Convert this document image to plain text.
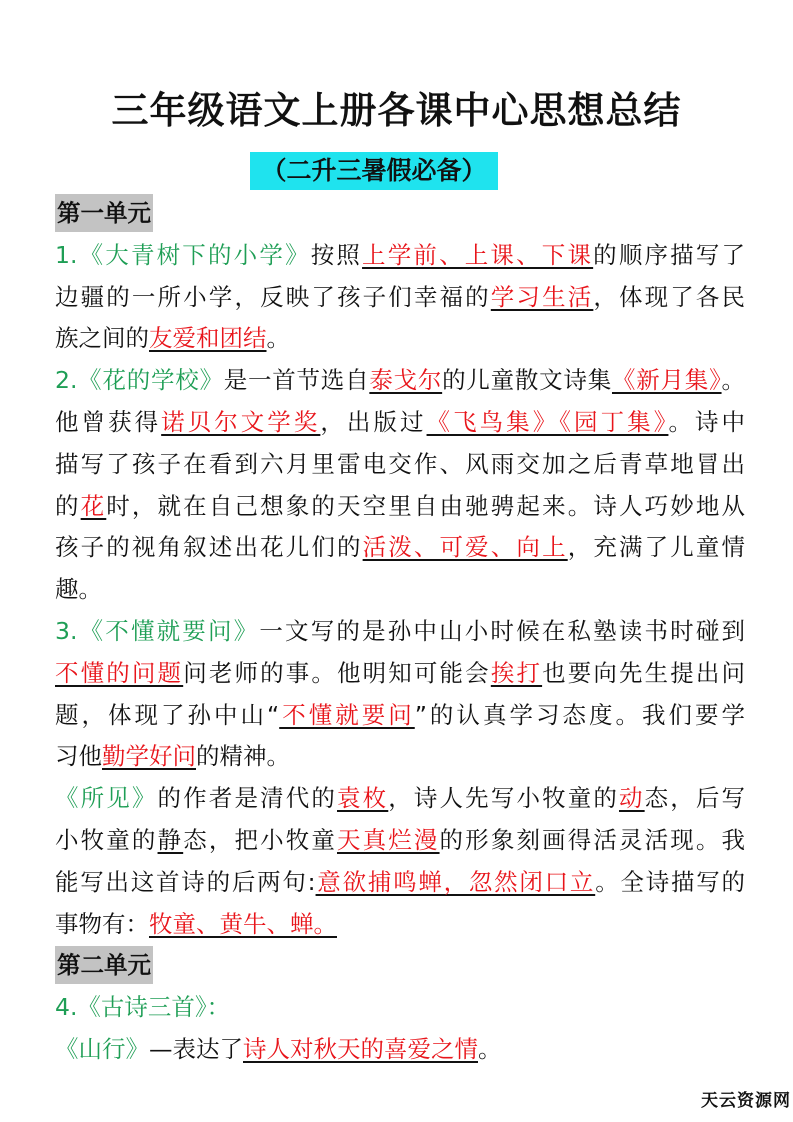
三年级语文上册各课中心思想总结
（二升三暑假必备）
第一单元
1.《大青树下的小学》按照上学前、上课、下课的顺序描写了
边疆的一所小学，反映了孩子们幸福的学习生活，体现了各民
族之间的友爱和团结。
2.《花的学校》是一首节选自泰戈尔的儿童散文诗集《新月集》。
他曾获得诺贝尔文学奖，出版过《飞鸟集》《园丁集》。诗中
描写了孩子在看到六月里雷电交作、风雨交加之后青草地冒出
的花时，就在自己想象的天空里自由驰骋起来。诗人巧妙地从
孩子的视角叙述出花儿们的活泼、可爱、向上，充满了儿童情
趣。
3.《不懂就要问》一文写的是孙中山小时候在私塾读书时碰到
不懂的问题问老师的事。他明知可能会挨打也要向先生提出问
题，体现了孙中山“不懂就要问”的认真学习态度。我们要学
习他勤学好问的精神。
《所见》的作者是清代的袁枚，诗人先写小牧童的动态，后写
小牧童的静态，把小牧童天真烂漫的形象刻画得活灵活现。我
能写出这首诗的后两句:意欲捕鸣蝉，忽然闭口立。全诗描写的
事物有：牧童、黄牛、蝉。
第二单元
4.《古诗三首》：
《山行》—表达了诗人对秋天的喜爱之情。
天云资源网
